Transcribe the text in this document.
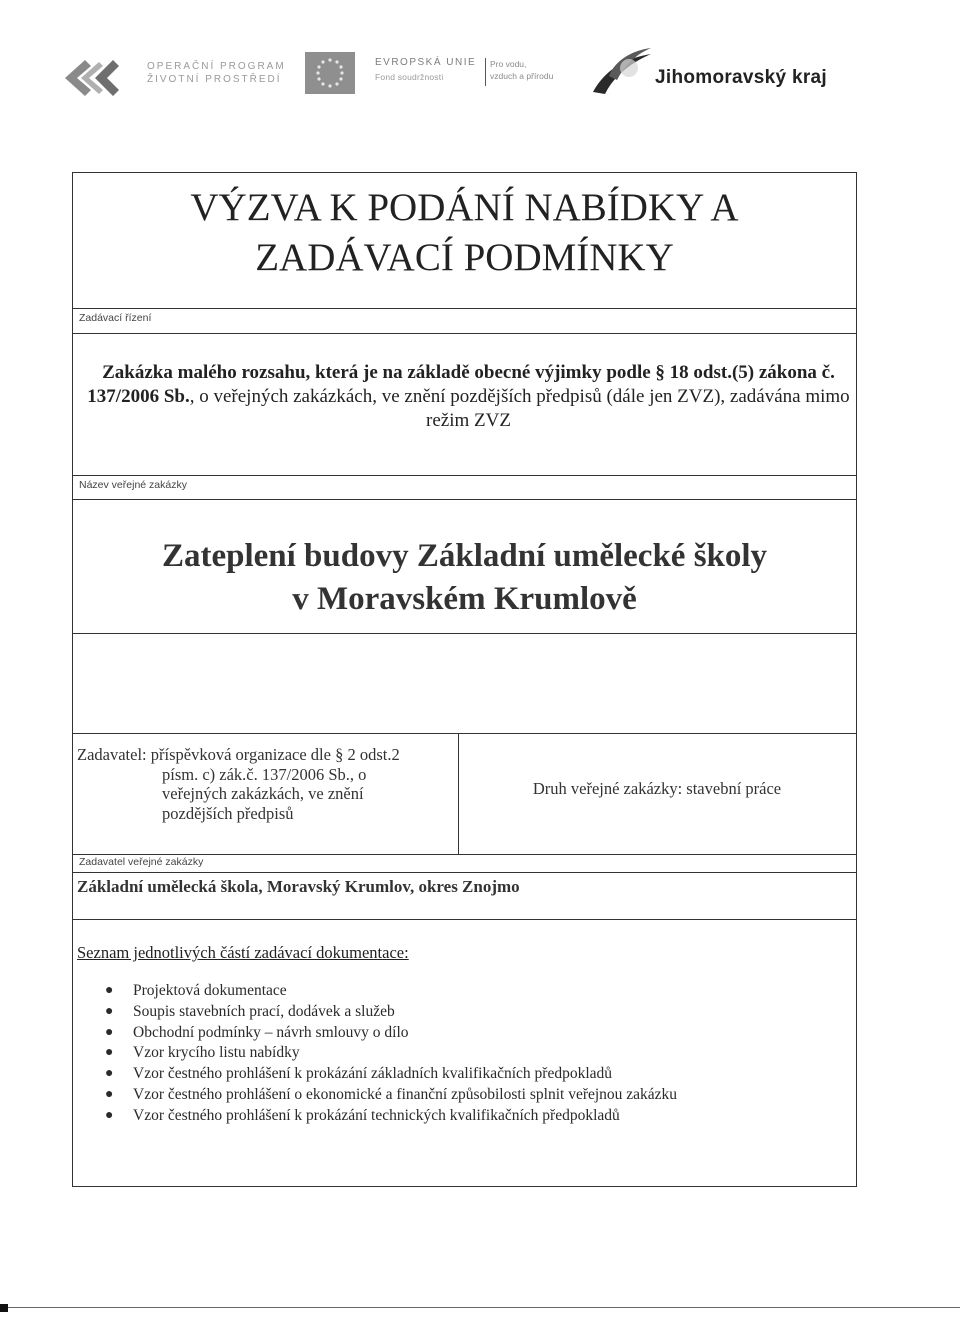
OPERAČNÍ PROGRAM
ŽIVOTNÍ PROSTŘEDÍ
EVROPSKÁ UNIE
Fond soudržnosti
Pro vodu,
vzduch a přírodu	Jihomoravský kraj
VÝZVA K PODÁNÍ NABÍDKY A
ZADÁVACÍ PODMÍNKY
Zadávací řízení
Zakázka malého rozsahu, která je na základě obecné výjimky podle § 18 odst.(5) zákona č. 137/2006 Sb., o veřejných zakázkách, ve znění pozdějších předpisů (dále jen ZVZ), zadávána mimo režim ZVZ
Název veřejné zakázky
Zateplení budovy Základní umělecké školy
v Moravském Krumlově
Zadavatel: příspěvková organizace dle § 2 odst.2
písm. c) zák.č. 137/2006 Sb., o
veřejných zakázkách, ve znění
pozdějších předpisů
Druh veřejné zakázky: stavební práce
Zadavatel veřejné zakázky
Základní umělecká škola, Moravský Krumlov, okres Znojmo
Seznam jednotlivých částí zadávací dokumentace:
● Projektová dokumentace
● Soupis stavebních prací, dodávek a služeb
● Obchodní podmínky – návrh smlouvy o dílo
● Vzor krycího listu nabídky
● Vzor čestného prohlášení k prokázání základních kvalifikačních předpokladů
● Vzor čestného prohlášení o ekonomické a finanční způsobilosti splnit veřejnou zakázku
● Vzor čestného prohlášení k prokázání technických kvalifikačních předpokladů
